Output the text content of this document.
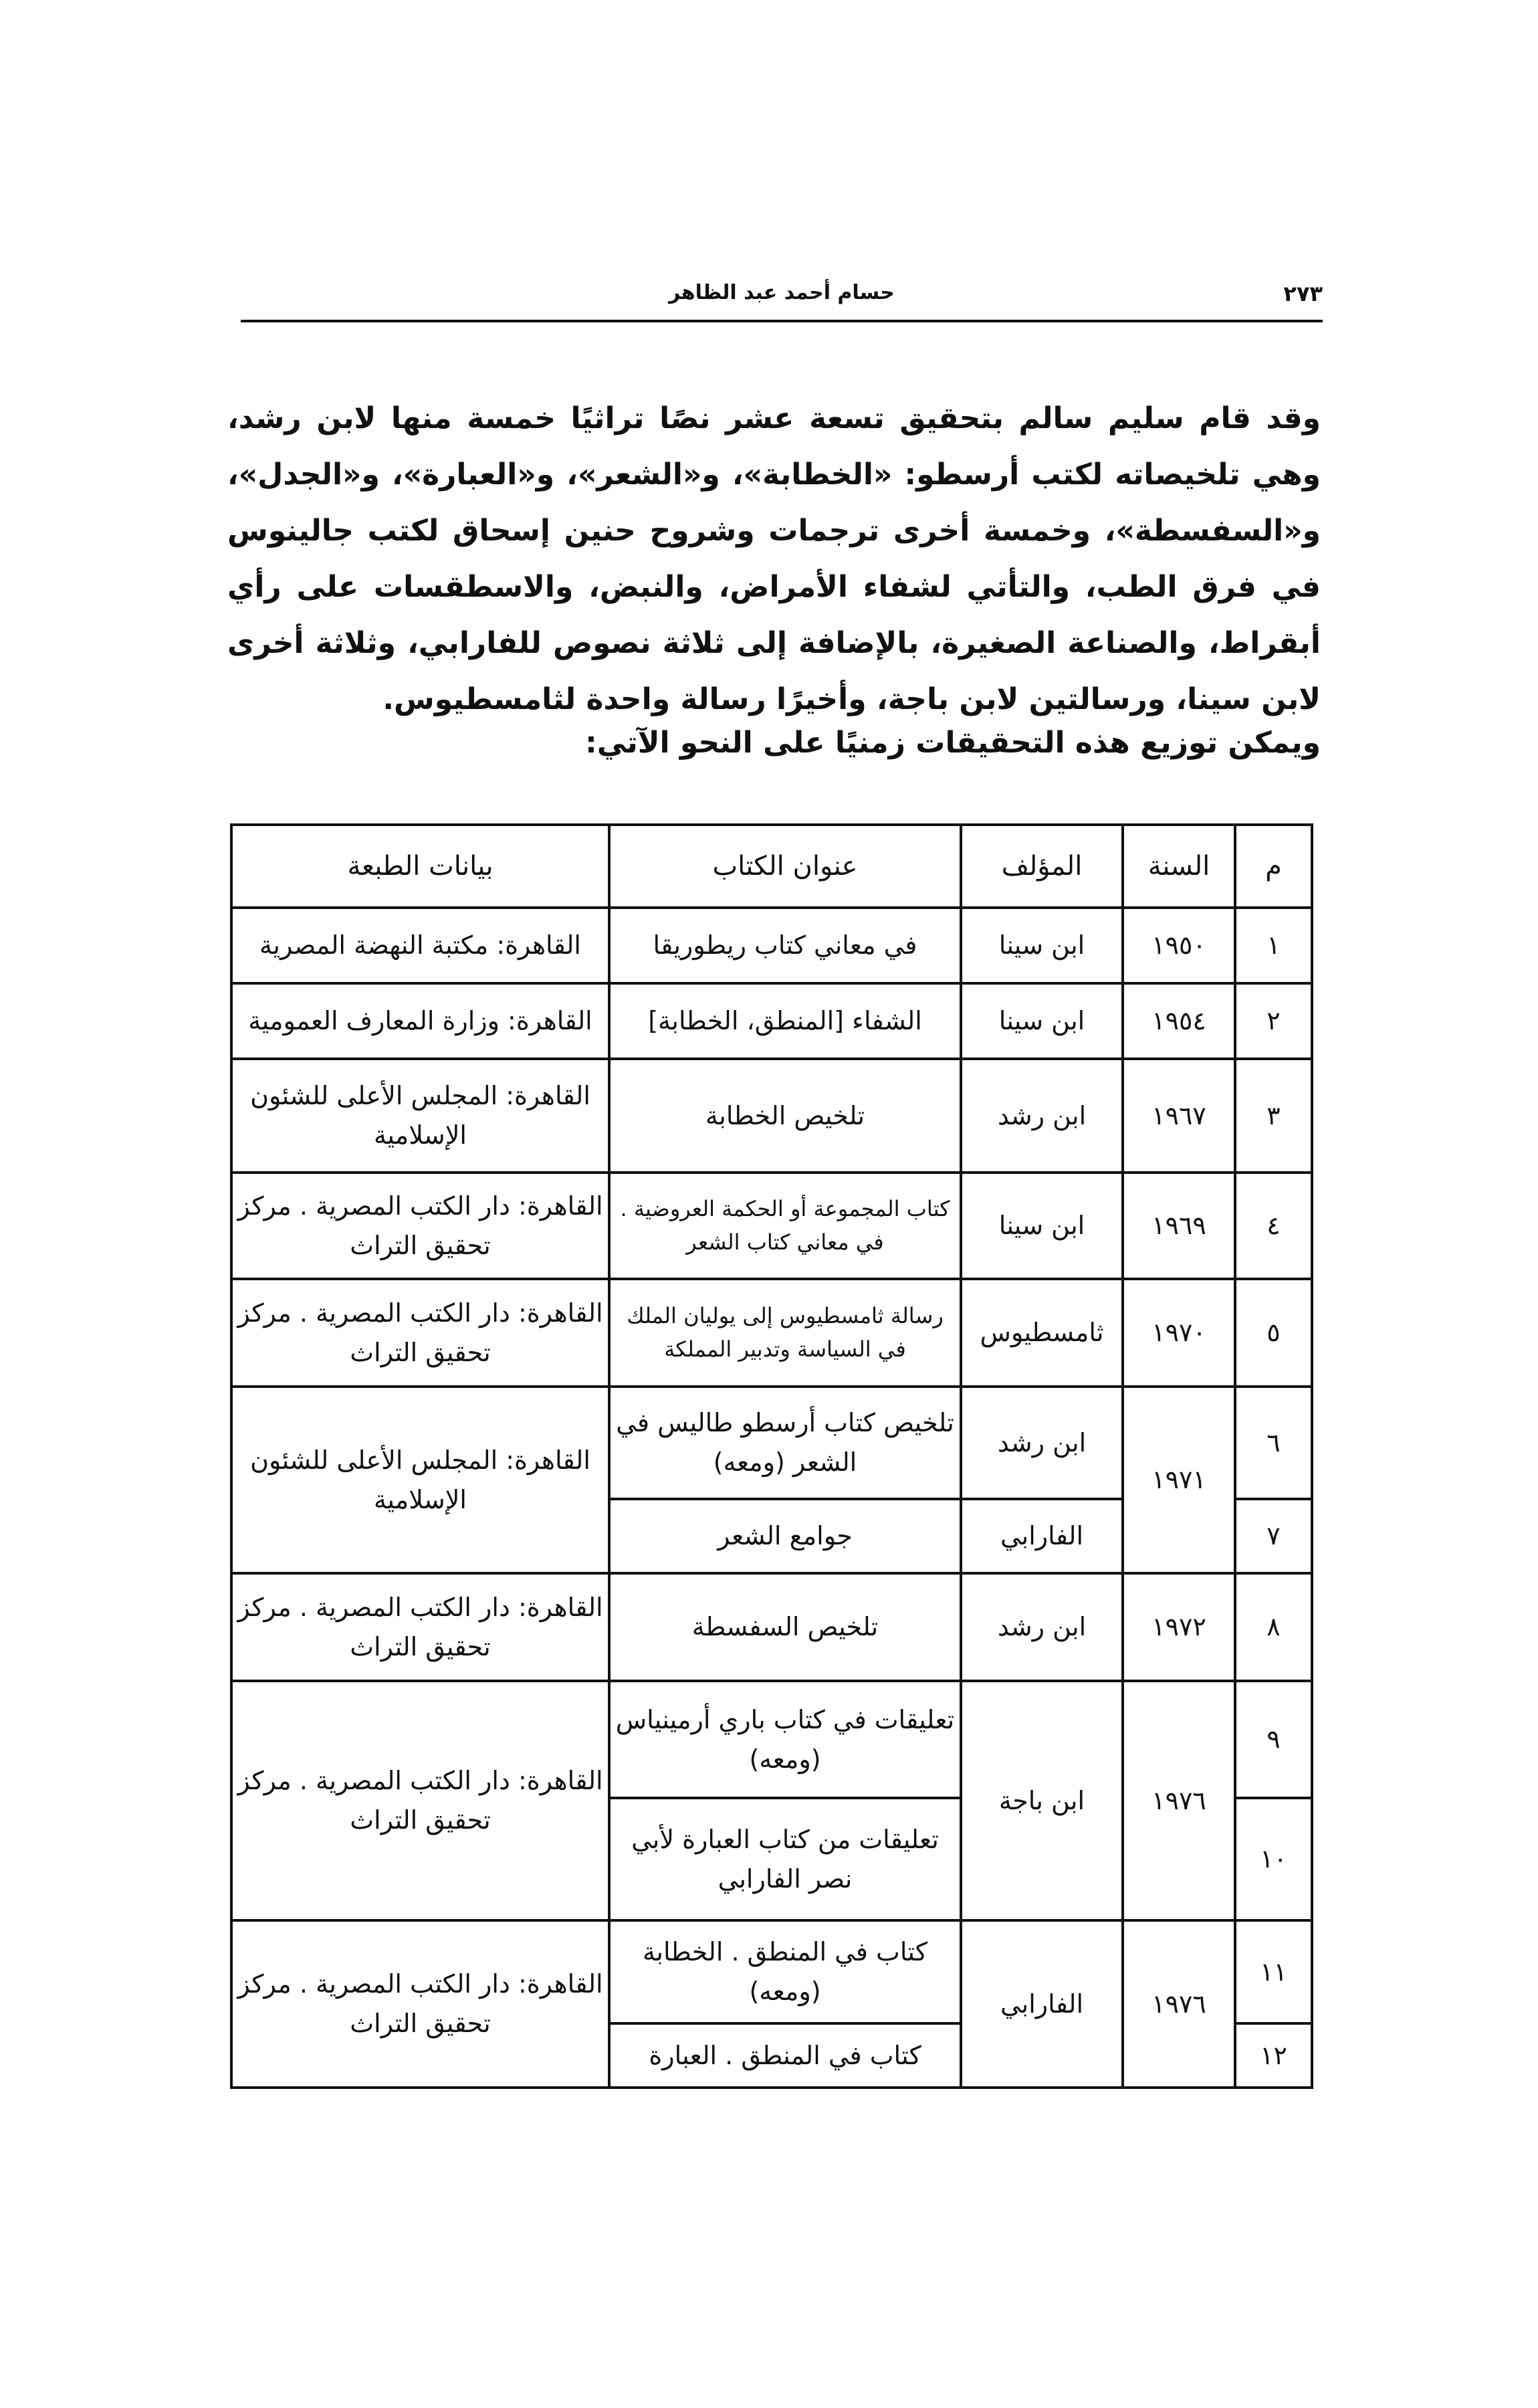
٢٧٣
حسام أحمد عبد الظاهر

وقد قام سليم سالم بتحقيق تسعة عشر نصًا تراثيًا خمسة منها لابن رشد، وهي تلخيصاته لكتب أرسطو: «الخطابة»، و«الشعر»، و«العبارة»، و«الجدل»، و«السفسطة»، وخمسة أخرى ترجمات وشروح حنين إسحاق لكتب جالينوس في فرق الطب، والتأتي لشفاء الأمراض، والنبض، والاسطقسات على رأي أبقراط، والصناعة الصغيرة، بالإضافة إلى ثلاثة نصوص للفارابي، وثلاثة أخرى لابن سينا، ورسالتين لابن باجة، وأخيرًا رسالة واحدة لثامسطيوس.

ويمكن توزيع هذه التحقيقات زمنيًا على النحو الآتي:
م	السنة	المؤلف	عنوان الكتاب	بيانات الطبعة
١	١٩٥٠	ابن سينا	في معاني كتاب ريطوريقا	القاهرة: مكتبة النهضة المصرية
٢	١٩٥٤	ابن سينا	الشفاء [المنطق، الخطابة]	القاهرة: وزارة المعارف العمومية
٣	١٩٦٧	ابن رشد	تلخيص الخطابة	القاهرة: المجلس الأعلى للشئون الإسلامية
٤	١٩٦٩	ابن سينا	كتاب المجموعة أو الحكمة العروضية . في معاني كتاب الشعر	القاهرة: دار الكتب المصرية . مركز تحقيق التراث
٥	١٩٧٠	ثامسطيوس	رسالة ثامسطيوس إلى يوليان الملك في السياسة وتدبير المملكة	القاهرة: دار الكتب المصرية . مركز تحقيق التراث
٦	١٩٧١	ابن رشد	تلخيص كتاب أرسطو طاليس في الشعر (ومعه)	القاهرة: المجلس الأعلى للشئون الإسلامية
٧		الفارابي	جوامع الشعر	
٨	١٩٧٢	ابن رشد	تلخيص السفسطة	القاهرة: دار الكتب المصرية . مركز تحقيق التراث
٩	١٩٧٦	ابن باجة	تعليقات في كتاب باري أرمينياس (ومعه)	القاهرة: دار الكتب المصرية . مركز تحقيق التراث
١٠			تعليقات من كتاب العبارة لأبي نصر الفارابي	
١١	١٩٧٦	الفارابي	كتاب في المنطق . الخطابة (ومعه)	القاهرة: دار الكتب المصرية . مركز تحقيق التراث
١٢			كتاب في المنطق . العبارة	
